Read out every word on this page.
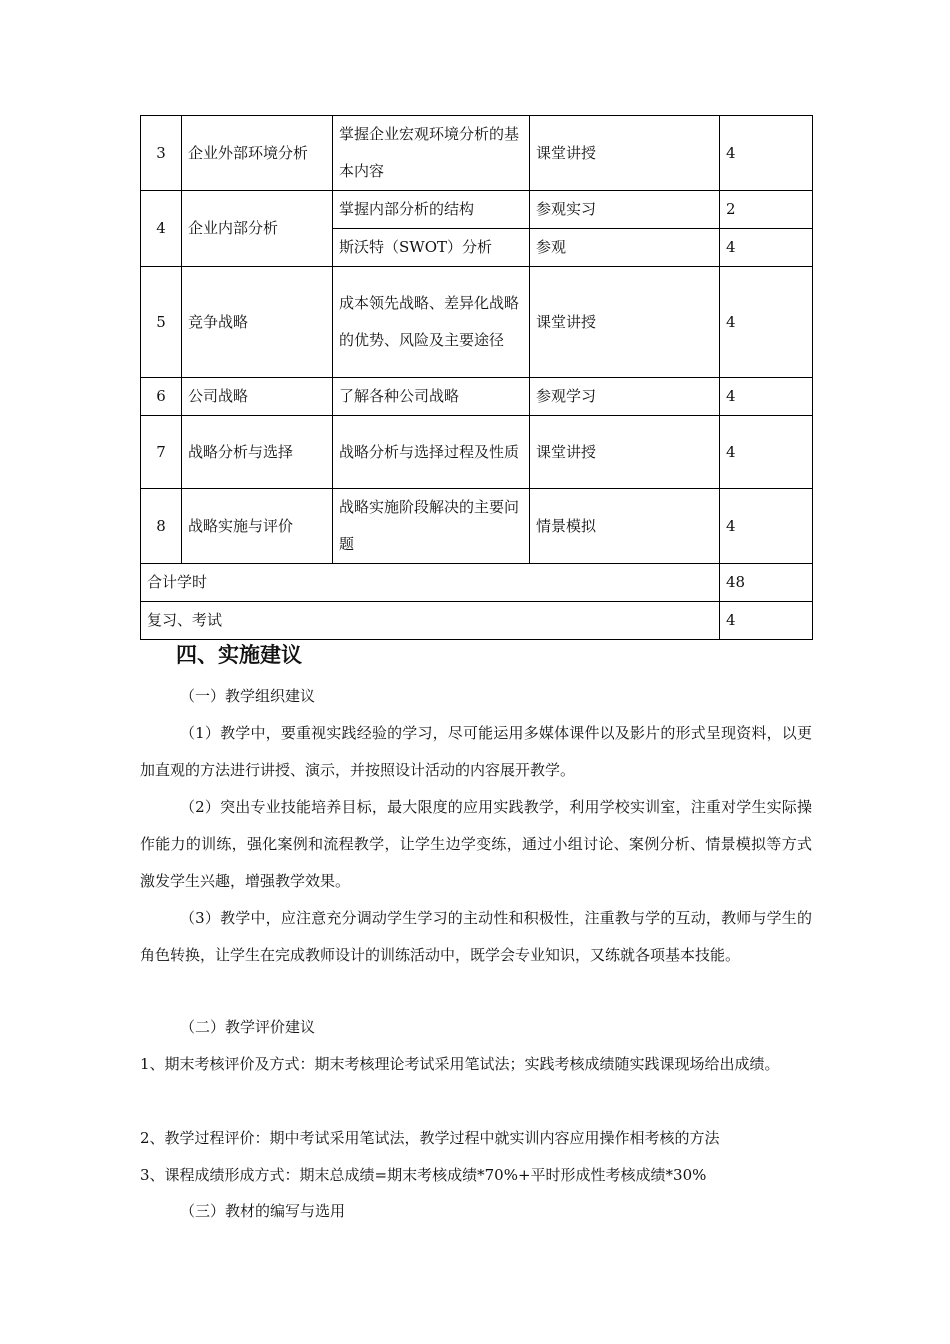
3	企业外部环境分析	掌握企业宏观环境分析的基本内容	课堂讲授	4
4	企业内部分析	掌握内部分析的结构	参观实习	2
		斯沃特（SWOT）分析	参观	4
5	竞争战略	成本领先战略、差异化战略的优势、风险及主要途径	课堂讲授	4
6	公司战略	了解各种公司战略	参观学习	4
7	战略分析与选择	战略分析与选择过程及性质	课堂讲授	4
8	战略实施与评价	战略实施阶段解决的主要问题	情景模拟	4
合计学时				48
复习、考试				4
四、实施建议

（一）教学组织建议

（1）教学中，要重视实践经验的学习，尽可能运用多媒体课件以及影片的形式呈现资料，以更加直观的方法进行讲授、演示，并按照设计活动的内容展开教学。

（2）突出专业技能培养目标，最大限度的应用实践教学，利用学校实训室，注重对学生实际操作能力的训练，强化案例和流程教学，让学生边学变练，通过小组讨论、案例分析、情景模拟等方式激发学生兴趣，增强教学效果。

（3）教学中，应注意充分调动学生学习的主动性和积极性，注重教与学的互动，教师与学生的角色转换，让学生在完成教师设计的训练活动中，既学会专业知识，又练就各项基本技能。

（二）教学评价建议

1、期末考核评价及方式：期末考核理论考试采用笔试法；实践考核成绩随实践课现场给出成绩。

2、教学过程评价：期中考试采用笔试法，教学过程中就实训内容应用操作相考核的方法

3、课程成绩形成方式：期末总成绩=期末考核成绩*70%+平时形成性考核成绩*30%

（三）教材的编写与选用
